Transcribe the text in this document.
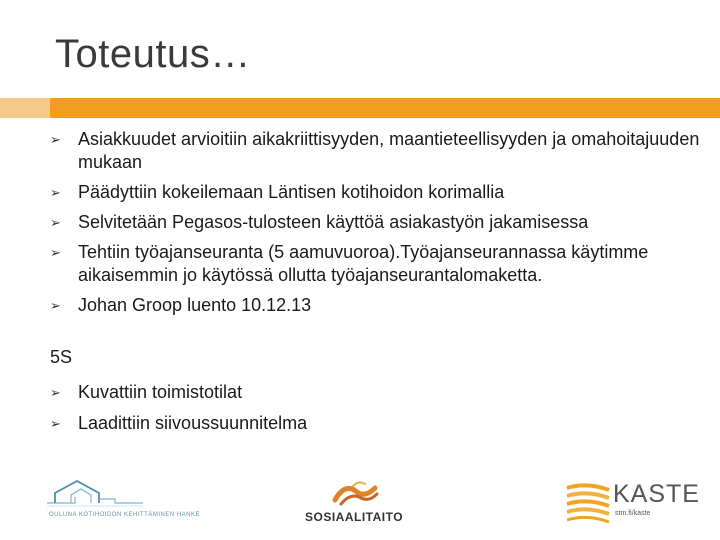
Toteutus…
➢ Asiakkuudet arvioitiin aikakriittisyyden, maantieteellisyyden ja omahoitajuuden mukaan
➢ Päädyttiin kokeilemaan Läntisen kotihoidon korimallia
➢ Selvitetään Pegasos-tulosteen käyttöä asiakastyön jakamisessa
➢ Tehtiin työajanseuranta (5 aamuvuoroa).Työajanseurannassa käytimme aikaisemmin jo käytössä ollutta työajanseurantalomaketta.
➢ Johan Groop luento 10.12.13
5S
➢ Kuvattiin toimistotilat
➢ Laadittiin siivoussuunnitelma
OULUNA KOTIHOIDON KEHITTÄMINEN HANKE	SOSIAALITAITO
KASTE
stm.fi/kaste
